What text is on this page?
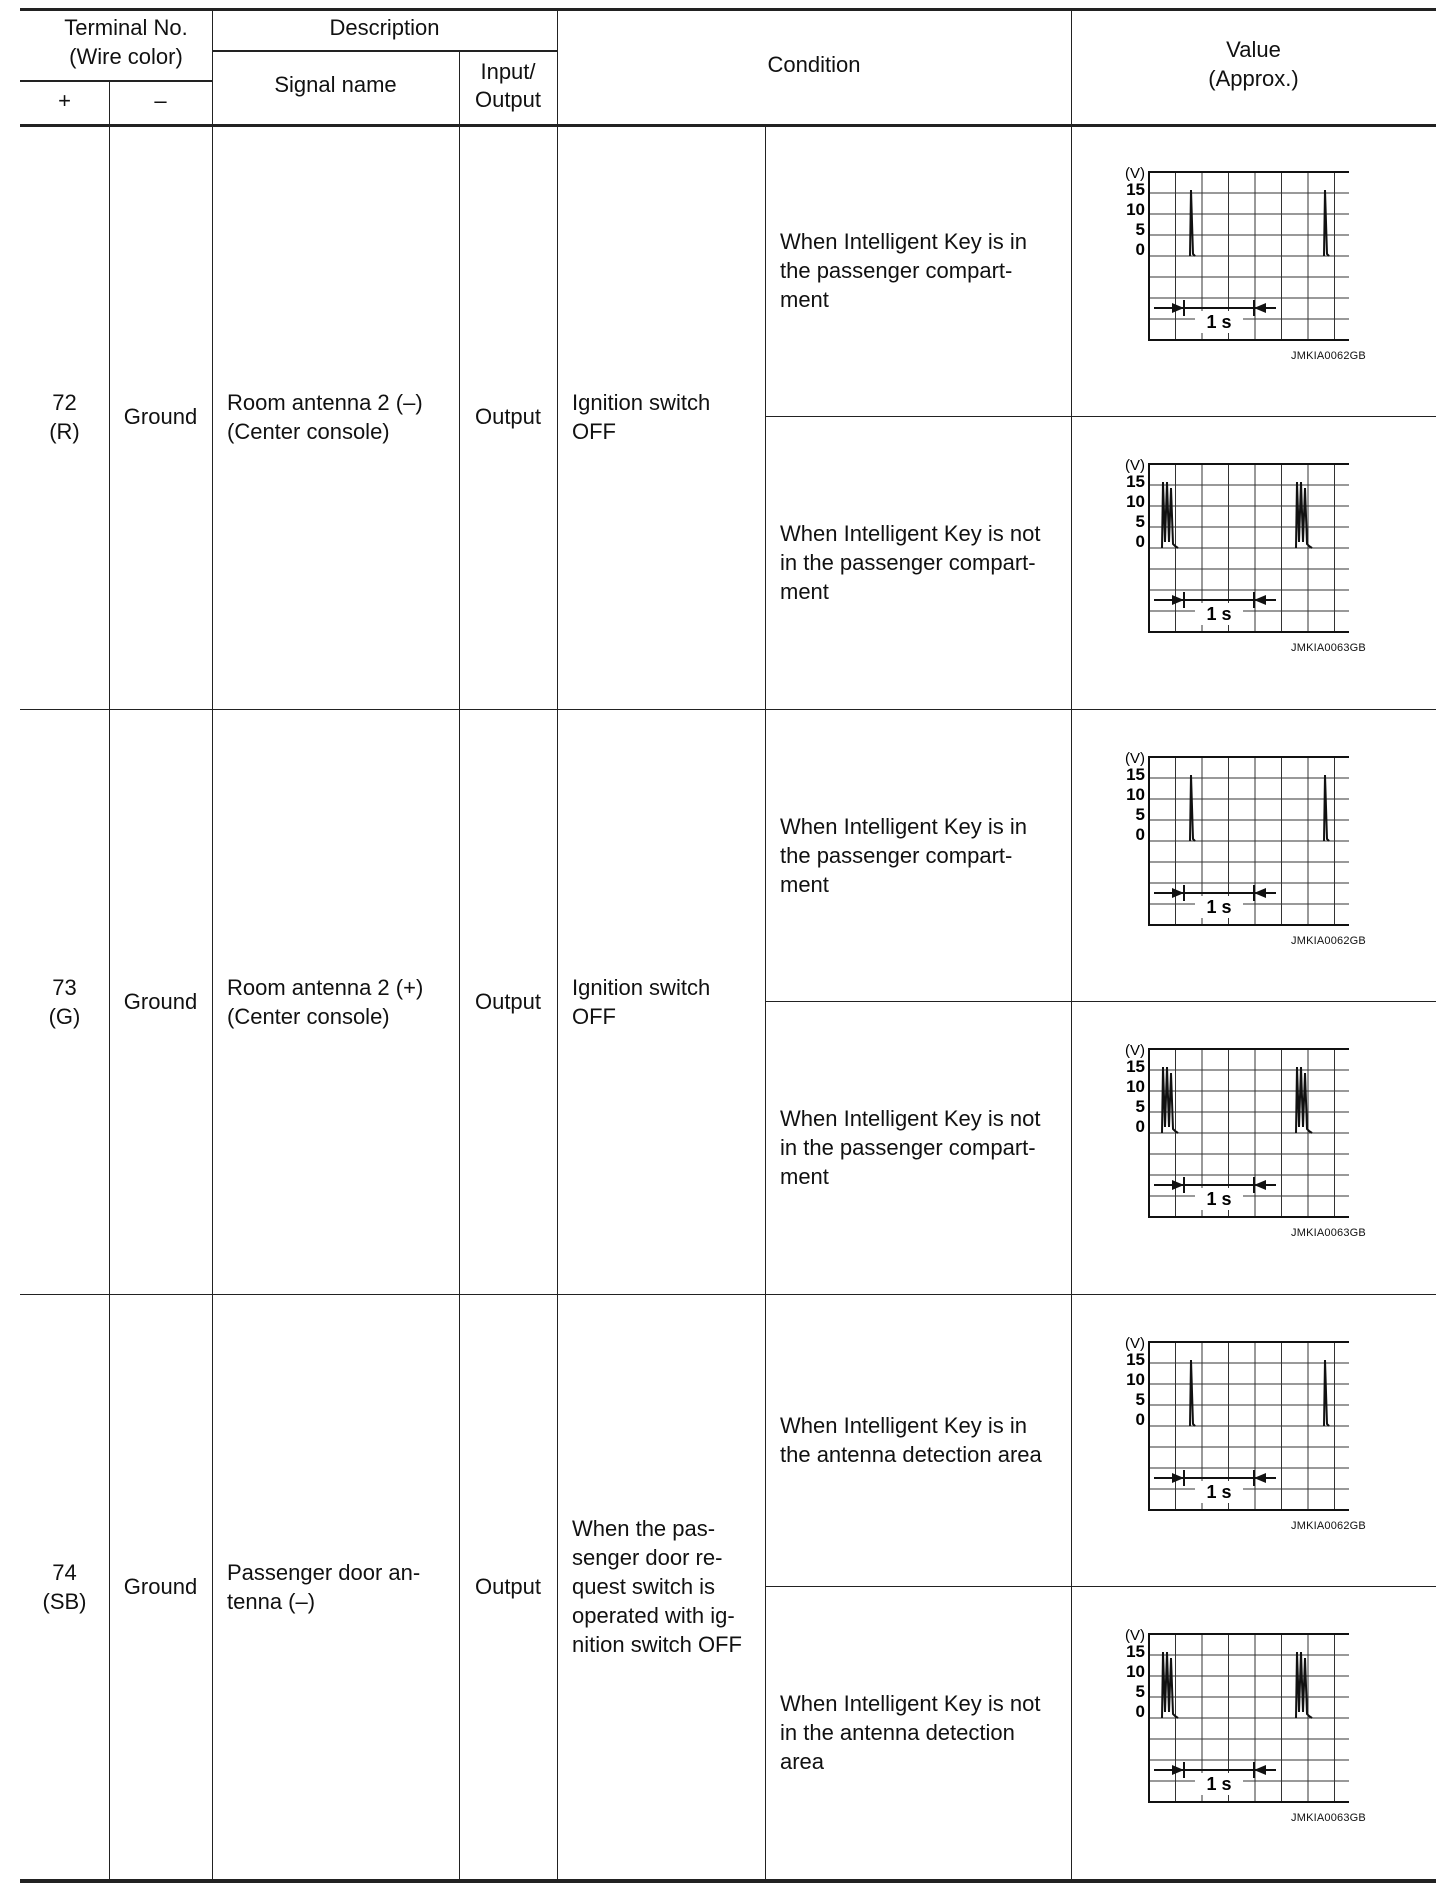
Terminal No.
(Wire color)
+	–
Description
Signal name
Input/
Output
Condition
Value
(Approx.)
72
(R)
Ground
Room antenna 2 (–)
(Center console)
Output
Ignition switch
OFF
When Intelligent Key is in
the passenger compart-
ment
(V)
15
10
5
0
1 s
JMKIA0062GB
When Intelligent Key is not
in the passenger compart-
ment
(V)
15
10
5
0
1 s
JMKIA0063GB
73
(G)
Ground
Room antenna 2 (+)
(Center console)
Output
Ignition switch
OFF
When Intelligent Key is in
the passenger compart-
ment
(V)
15
10
5
0
1 s
JMKIA0062GB
When Intelligent Key is not
in the passenger compart-
ment
(V)
15
10
5
0
1 s
JMKIA0063GB
74
(SB)
Ground
Passenger door an-
tenna (–)
Output
When the pas-
senger door re-
quest switch is
operated with ig-
nition switch OFF
When Intelligent Key is in
the antenna detection area
(V)
15
10
5
0
1 s
JMKIA0062GB
When Intelligent Key is not
in the antenna detection
area
(V)
15
10
5
0
1 s
JMKIA0063GB
